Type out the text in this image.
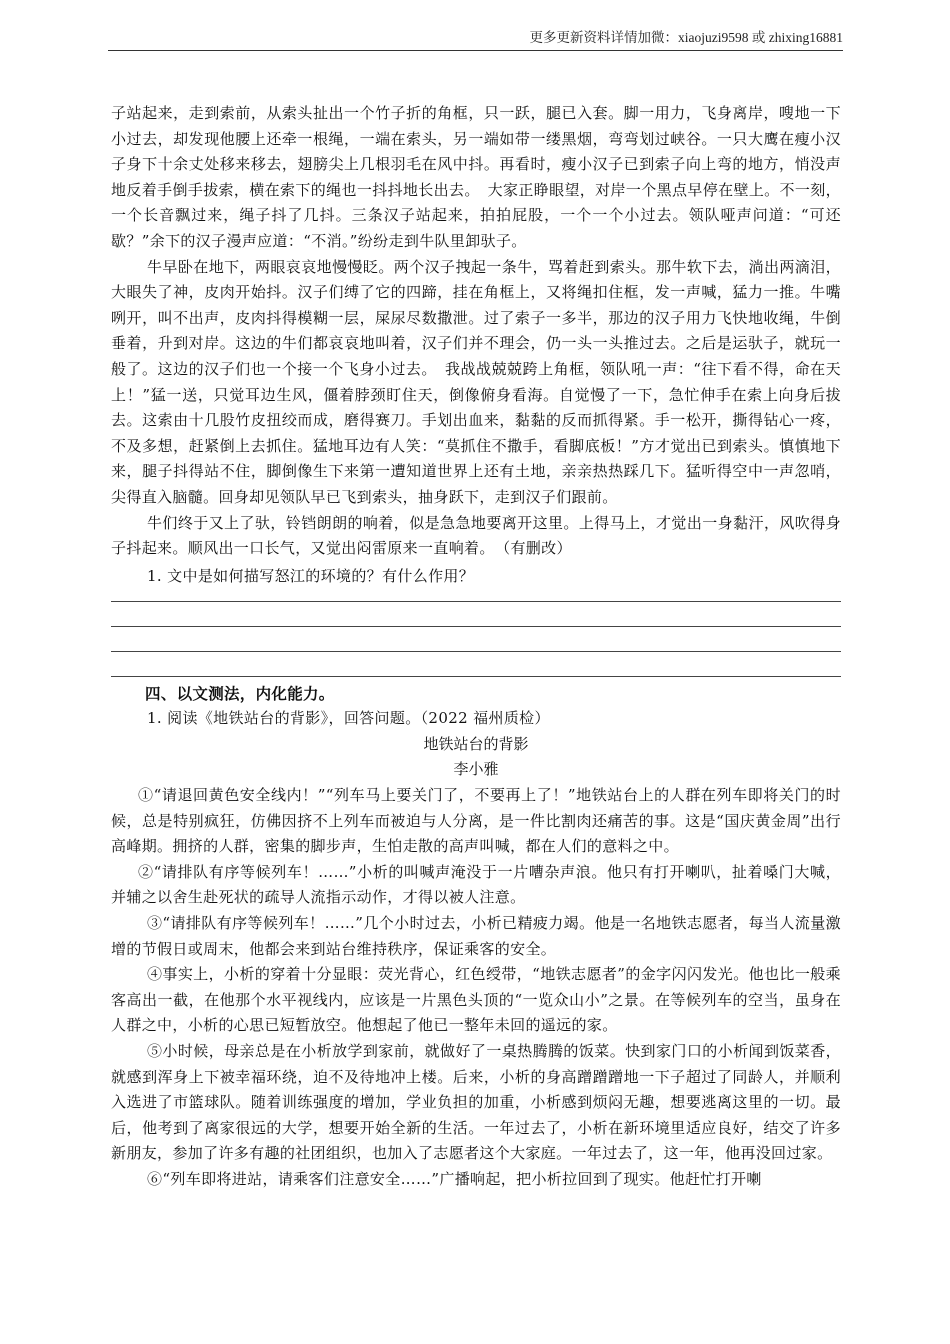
更多更新资料详情加微：xiaojuzi9598 或 zhixing16881

子站起来，走到索前，从索头扯出一个竹子折的角框，只一跃，腿已入套。脚一用力，飞身离岸，嗖地一下小过去，却发现他腰上还牵一根绳，一端在索头，另一端如带一缕黑烟，弯弯划过峡谷。一只大鹰在瘦小汉子身下十余丈处移来移去，翅膀尖上几根羽毛在风中抖。再看时，瘦小汉子已到索子向上弯的地方，悄没声地反着手倒手拔索，横在索下的绳也一抖抖地长出去。　大家正睁眼望，对岸一个黑点早停在壁上。不一刻，一个长音飘过来，绳子抖了几抖。三条汉子站起来，拍拍屁股，一个一个小过去。领队哑声问道：“可还歇？”余下的汉子漫声应道：“不消。”纷纷走到牛队里卸驮子。

牛早卧在地下，两眼哀哀地慢慢眨。两个汉子拽起一条牛，骂着赶到索头。那牛软下去，淌出两滴泪，大眼失了神，皮肉开始抖。汉子们缚了它的四蹄，挂在角框上，又将绳扣住框，发一声喊，猛力一推。牛嘴咧开，叫不出声，皮肉抖得模糊一层，屎尿尽数撒泄。过了索子一多半，那边的汉子用力飞快地收绳，牛倒垂着，升到对岸。这边的牛们都哀哀地叫着，汉子们并不理会，仍一头一头推过去。之后是运驮子，就玩一般了。这边的汉子们也一个接一个飞身小过去。　我战战兢兢跨上角框，领队吼一声：“往下看不得，命在天上！”猛一送，只觉耳边生风，僵着脖颈盯住天，倒像俯身看海。自觉慢了一下，急忙伸手在索上向身后拔去。这索由十几股竹皮扭绞而成，磨得赛刀。手划出血来，黏黏的反而抓得紧。手一松开，撕得钻心一疼，不及多想，赶紧倒上去抓住。猛地耳边有人笑：“莫抓住不撒手，看脚底板！”方才觉出已到索头。慎慎地下来，腿子抖得站不住，脚倒像生下来第一遭知道世界上还有土地，亲亲热热踩几下。猛听得空中一声忽哨，尖得直入脑髓。回身却见领队早已飞到索头，抽身跃下，走到汉子们跟前。

牛们终于又上了驮，铃铛朗朗的响着，似是急急地要离开这里。上得马上，才觉出一身黏汗，风吹得身子抖起来。顺风出一口长气，又觉出闷雷原来一直响着。　（有删改）

1. 文中是如何描写怒江的环境的？有什么作用？

四、以文测法，内化能力。

1. 阅读《地铁站台的背影》，回答问题。（2022 福州质检）

地铁站台的背影

李小雅

①“请退回黄色安全线内！”“列车马上要关门了，不要再上了！”地铁站台上的人群在列车即将关门的时候，总是特别疯狂，仿佛因挤不上列车而被迫与人分离，是一件比割肉还痛苦的事。这是“国庆黄金周”出行高峰期。拥挤的人群，密集的脚步声，生怕走散的高声叫喊，都在人们的意料之中。

②“请排队有序等候列车！……”小析的叫喊声淹没于一片嘈杂声浪。他只有打开喇叭，扯着嗓门大喊，并辅之以舍生赴死状的疏导人流指示动作，才得以被人注意。

③“请排队有序等候列车！……”几个小时过去，小析已精疲力竭。他是一名地铁志愿者，每当人流量激增的节假日或周末，他都会来到站台维持秩序，保证乘客的安全。

④事实上，小析的穿着十分显眼：荧光背心，红色绶带，“地铁志愿者”的金字闪闪发光。他也比一般乘客高出一截，在他那个水平视线内，应该是一片黑色头顶的“一览众山小”之景。在等候列车的空当，虽身在人群之中，小析的心思已短暂放空。他想起了他已一整年未回的遥远的家。

⑤小时候，母亲总是在小析放学到家前，就做好了一桌热腾腾的饭菜。快到家门口的小析闻到饭菜香，就感到浑身上下被幸福环绕，迫不及待地冲上楼。后来，小析的身高蹭蹭蹭地一下子超过了同龄人，并顺利入选进了市篮球队。随着训练强度的增加，学业负担的加重，小析感到烦闷无趣，想要逃离这里的一切。最后，他考到了离家很远的大学，想要开始全新的生活。一年过去了，小析在新环境里适应良好，结交了许多新朋友，参加了许多有趣的社团组织，也加入了志愿者这个大家庭。一年过去了，这一年，他再没回过家。

⑥“列车即将进站，请乘客们注意安全……”广播响起，把小析拉回到了现实。他赶忙打开喇
